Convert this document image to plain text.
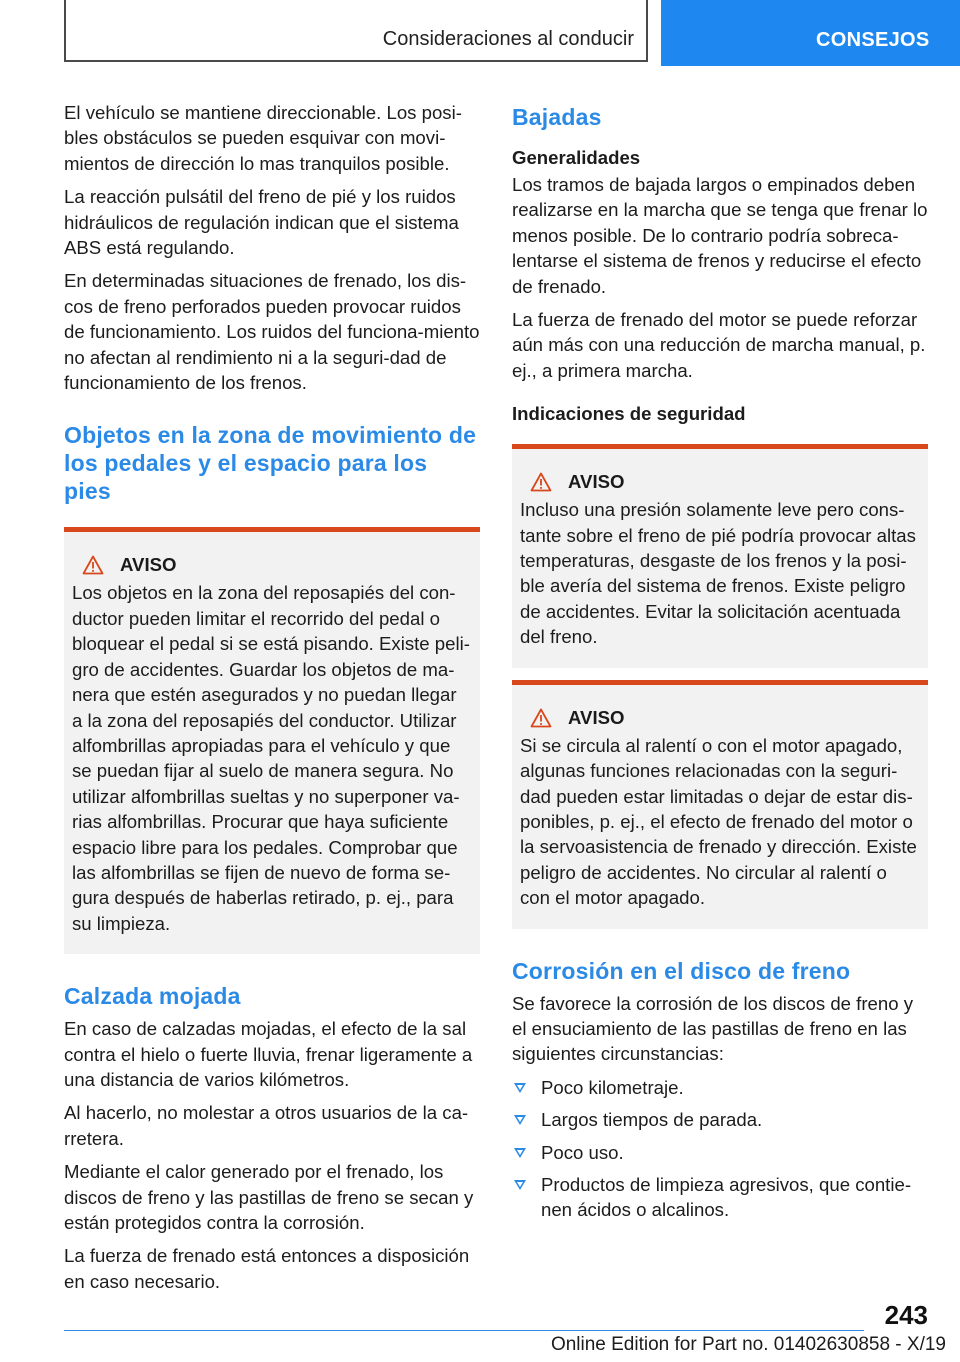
Consideraciones al conducir	CONSEJOS

El vehículo se mantiene direccionable. Los posi-bles obstáculos se pueden esquivar con movi-mientos de dirección lo mas tranquilos posible.

La reacción pulsátil del freno de pié y los ruidos hidráulicos de regulación indican que el sistema ABS está regulando.

En determinadas situaciones de frenado, los dis-cos de freno perforados pueden provocar ruidos de funcionamiento. Los ruidos del funciona-miento no afectan al rendimiento ni a la seguri-dad de funcionamiento de los frenos.

Objetos en la zona de movimiento de los pedales y el espacio para los pies
AVISO

Los objetos en la zona del reposapiés del con-ductor pueden limitar el recorrido del pedal o bloquear el pedal si se está pisando. Existe peli-gro de accidentes. Guardar los objetos de ma-nera que estén asegurados y no puedan llegar a la zona del reposapiés del conductor. Utilizar alfombrillas apropiadas para el vehículo y que se puedan fijar al suelo de manera segura. No utilizar alfombrillas sueltas y no superponer va-rias alfombrillas. Procurar que haya suficiente espacio libre para los pedales. Comprobar que las alfombrillas se fijen de nuevo de forma se-gura después de haberlas retirado, p. ej., para su limpieza.

Calzada mojada

En caso de calzadas mojadas, el efecto de la sal contra el hielo o fuerte lluvia, frenar ligeramente a una distancia de varios kilómetros.

Al hacerlo, no molestar a otros usuarios de la ca-rretera.

Mediante el calor generado por el frenado, los discos de freno y las pastillas de freno se secan y están protegidos contra la corrosión.

La fuerza de frenado está entonces a disposición en caso necesario.

Bajadas
Generalidades

Los tramos de bajada largos o empinados deben realizarse en la marcha que se tenga que frenar lo menos posible. De lo contrario podría sobreca-lentarse el sistema de frenos y reducirse el efecto de frenado.

La fuerza de frenado del motor se puede reforzar aún más con una reducción de marcha manual, p. ej., a primera marcha.

Indicaciones de seguridad
AVISO

Incluso una presión solamente leve pero cons-tante sobre el freno de pié podría provocar altas temperaturas, desgaste de los frenos y la posi-ble avería del sistema de frenos. Existe peligro de accidentes. Evitar la solicitación acentuada del freno.

AVISO

Si se circula al ralentí o con el motor apagado, algunas funciones relacionadas con la seguri-dad pueden estar limitadas o dejar de estar dis-ponibles, p. ej., el efecto de frenado del motor o la servoasistencia de frenado y dirección. Existe peligro de accidentes. No circular al ralentí o con el motor apagado.

Corrosión en el disco de freno

Se favorece la corrosión de los discos de freno y el ensuciamiento de las pastillas de freno en las siguientes circunstancias:

Poco kilometraje.
Largos tiempos de parada.
Poco uso.
Productos de limpieza agresivos, que contie-nen ácidos o alcalinos.
243
Online Edition for Part no. 01402630858 - X/19
